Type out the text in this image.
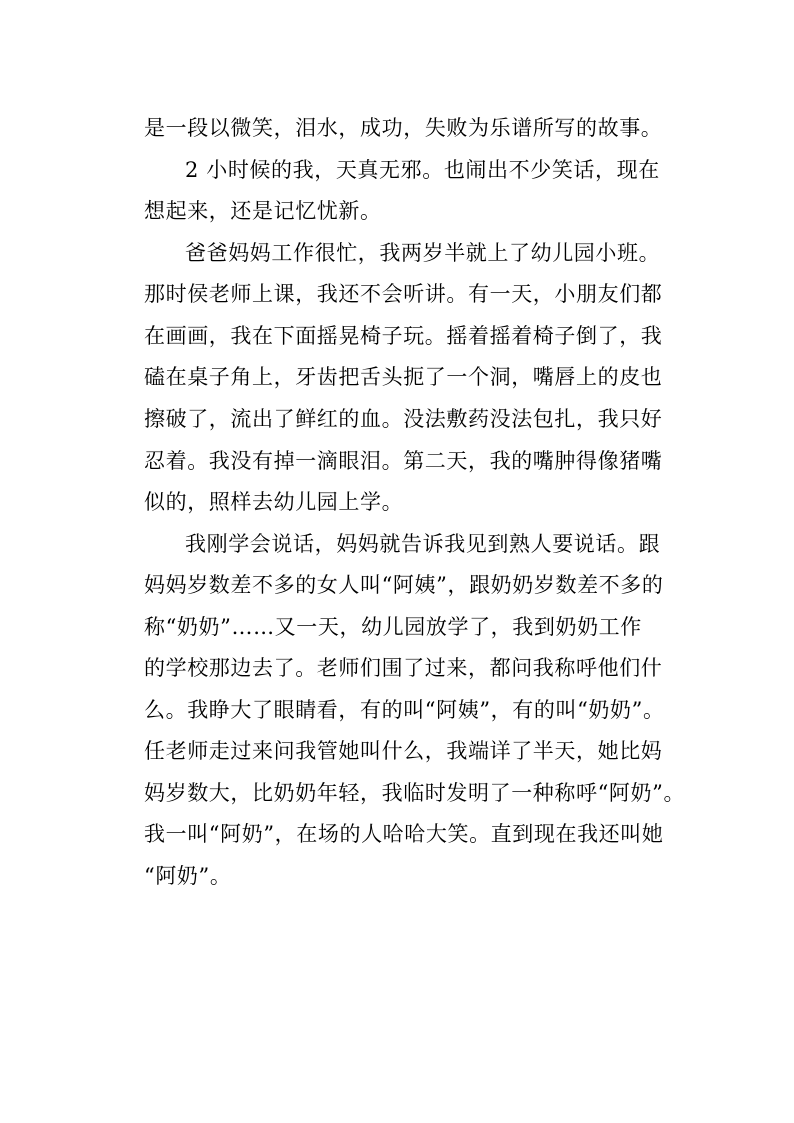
是一段以微笑，泪水，成功，失败为乐谱所写的故事。
2 小时候的我，天真无邪。也闹出不少笑话，现在
想起来，还是记忆忧新。
爸爸妈妈工作很忙，我两岁半就上了幼儿园小班。
那时侯老师上课，我还不会听讲。有一天，小朋友们都
在画画，我在下面摇晃椅子玩。摇着摇着椅子倒了，我
磕在桌子角上，牙齿把舌头扼了一个洞，嘴唇上的皮也
擦破了，流出了鲜红的血。没法敷药没法包扎，我只好
忍着。我没有掉一滴眼泪。第二天，我的嘴肿得像猪嘴
似的，照样去幼儿园上学。
我刚学会说话，妈妈就告诉我见到熟人要说话。跟
妈妈岁数差不多的女人叫“阿姨”，跟奶奶岁数差不多的
称“奶奶”……又一天，幼儿园放学了，我到奶奶工作
的学校那边去了。老师们围了过来，都问我称呼他们什
么。我睁大了眼睛看，有的叫“阿姨”，有的叫“奶奶”。
任老师走过来问我管她叫什么，我端详了半天，她比妈
妈岁数大，比奶奶年轻，我临时发明了一种称呼“阿奶”。
我一叫“阿奶”，在场的人哈哈大笑。直到现在我还叫她
“阿奶”。
